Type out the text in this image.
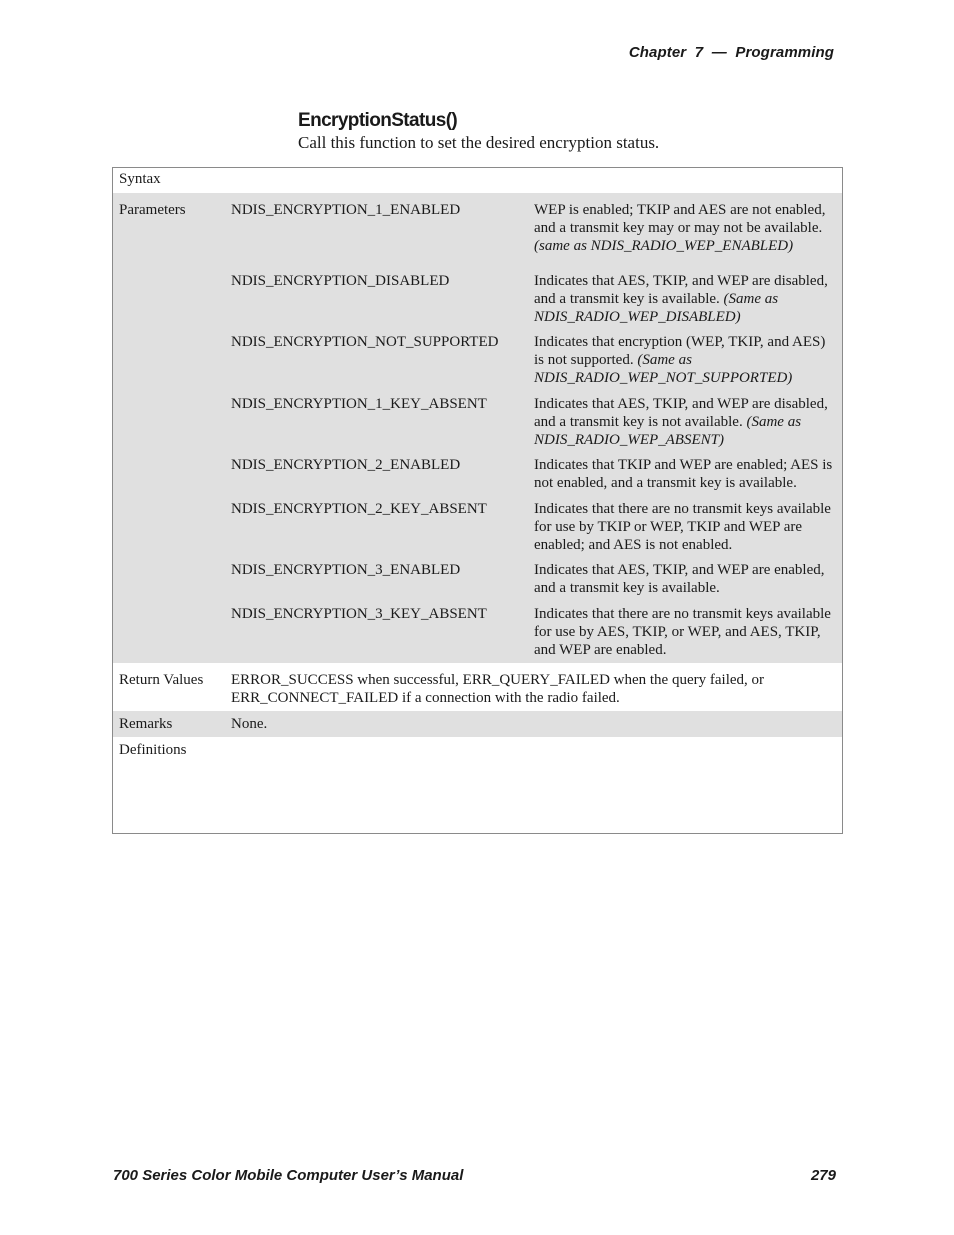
Chapter  7  —  Programming
EncryptionStatus()
Call this function to set the desired encryption status.
Syntax
Parameters	NDIS_ENCRYPTION_1_ENABLED	WEP is enabled; TKIP and AES are not enabled, and a transmit key may or may not be available. (same as NDIS_RADIO_WEP_ENABLED)
NDIS_ENCRYPTION_DISABLED	Indicates that AES, TKIP, and WEP are disabled, and a transmit key is available. (Same as NDIS_RADIO_WEP_DISABLED)
NDIS_ENCRYPTION_NOT_SUPPORTED	Indicates that encryption (WEP, TKIP, and AES) is not supported. (Same as NDIS_RADIO_WEP_NOT_SUPPORTED)
NDIS_ENCRYPTION_1_KEY_ABSENT	Indicates that AES, TKIP, and WEP are disabled, and a transmit key is not available. (Same as NDIS_RADIO_WEP_ABSENT)
NDIS_ENCRYPTION_2_ENABLED	Indicates that TKIP and WEP are enabled; AES is not enabled, and a transmit key is available.
NDIS_ENCRYPTION_2_KEY_ABSENT	Indicates that there are no transmit keys available for use by TKIP or WEP, TKIP and WEP are enabled; and AES is not enabled.
NDIS_ENCRYPTION_3_ENABLED	Indicates that AES, TKIP, and WEP are enabled, and a transmit key is available.
NDIS_ENCRYPTION_3_KEY_ABSENT	Indicates that there are no transmit keys available for use by AES, TKIP, or WEP, and AES, TKIP, and WEP are enabled.
Return Values	ERROR_SUCCESS when successful, ERR_QUERY_FAILED when the query failed, or ERR_CONNECT_FAILED if a connection with the radio failed.
Remarks	None.
Definitions
700 Series Color Mobile Computer User’s Manual	279
